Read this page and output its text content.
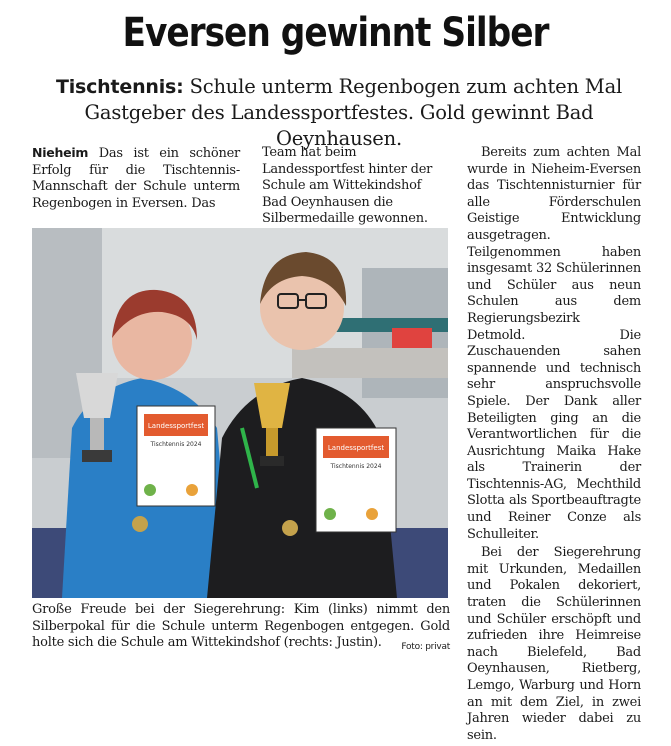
Eversen gewinnt Silber
Tischtennis: Schule unterm Regenbogen zum achten Mal Gastgeber des Landessportfestes. Gold gewinnt Bad Oeynhausen.
Nieheim Das ist ein schöner Erfolg für die Tischtennis-Mannschaft der Schule unterm Regenbogen in Eversen. Das
Team hat beim Landessportfest hinter der Schule am Wittekindshof Bad Oeynhausen die Silbermedaille gewonnen.

Bereits zum achten Mal wurde in Nieheim-Eversen das Tischtennisturnier für alle Förderschulen Geistige Entwicklung ausgetragen. Teilgenommen haben insgesamt 32 Schülerinnen und Schüler aus neun Schulen aus dem Regierungsbezirk Detmold. Die Zuschauenden sahen spannende und technisch sehr anspruchsvolle Spiele. Der Dank aller Beteiligten ging an die Verantwortlichen für die Ausrichtung Maika Hake als Trainerin der Tischtennis-AG, Mechthild Slotta als Sportbeauftragte und Reiner Conze als Schulleiter.

Bei der Siegerehrung mit Urkunden, Medaillen und Pokalen dekoriert, traten die Schülerinnen und Schüler erschöpft und zufrieden ihre Heimreise nach Bielefeld, Bad Oeynhausen, Rietberg, Lemgo, Warburg und Horn an mit dem Ziel, in zwei Jahren wieder dabei zu sein.

Landessportfest
Tischtennis 2024	Landessportfest
Tischtennis 2024
Große Freude bei der Siegerehrung: Kim (links) nimmt den Silberpokal für die Schule unterm Regenbogen entgegen. Gold holte sich die Schule am Wittekindshof (rechts: Justin). Foto: privat
